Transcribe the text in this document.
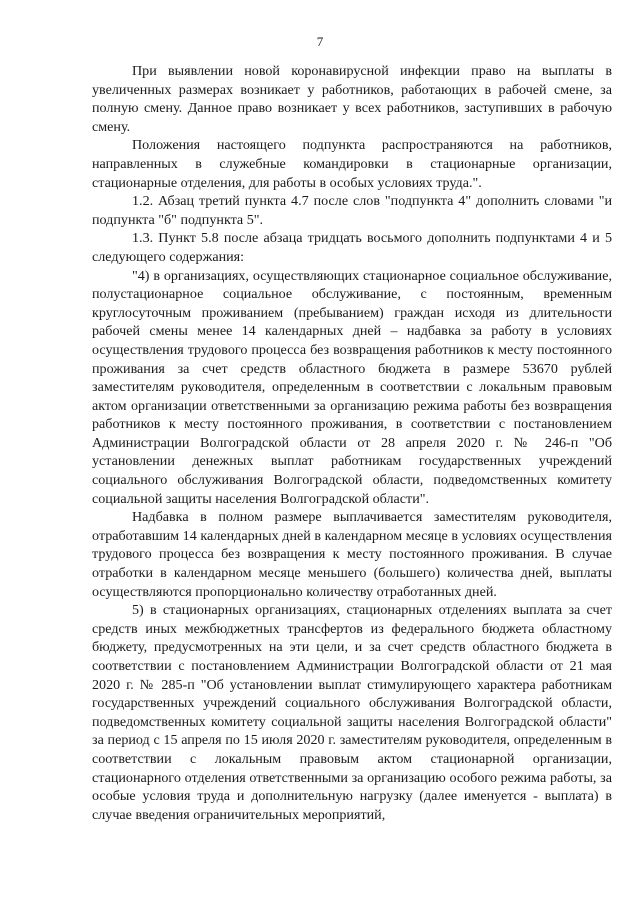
7

При выявлении новой коронавирусной инфекции право на выплаты в увеличенных размерах возникает у работников, работающих в рабочей смене, за полную смену. Данное право возникает у всех работников, заступивших в рабочую смену.

Положения настоящего подпункта распространяются на работников, направленных в служебные командировки в стационарные организации, стационарные отделения, для работы в особых условиях труда.".

1.2. Абзац третий пункта 4.7 после слов "подпункта 4" дополнить словами "и подпункта "б" подпункта 5".

1.3. Пункт 5.8 после абзаца тридцать восьмого дополнить подпунктами 4 и 5 следующего содержания:

"4) в организациях, осуществляющих стационарное социальное обслуживание, полустационарное социальное обслуживание, с постоянным, временным круглосуточным проживанием (пребыванием) граждан исходя из длительности рабочей смены менее 14 календарных дней – надбавка за работу в условиях осуществления трудового процесса без возвращения работников к месту постоянного проживания за счет средств областного бюджета в размере 53670 рублей заместителям руководителя, определенным в соответствии с локальным правовым актом организации ответственными за организацию режима работы без возвращения работников к месту постоянного проживания, в соответствии с постановлением Администрации Волгоградской области от 28 апреля 2020 г. № 246-п "Об установлении денежных выплат работникам государственных учреждений социального обслуживания Волгоградской области, подведомственных комитету социальной защиты населения Волгоградской области".

Надбавка в полном размере выплачивается заместителям руководителя, отработавшим 14 календарных дней в календарном месяце в условиях осуществления трудового процесса без возвращения к месту постоянного проживания. В случае отработки в календарном месяце меньшего (большего) количества дней, выплаты осуществляются пропорционально количеству отработанных дней.

5) в стационарных организациях, стационарных отделениях выплата за счет средств иных межбюджетных трансфертов из федерального бюджета областному бюджету, предусмотренных на эти цели, и за счет средств областного бюджета в соответствии с постановлением Администрации Волгоградской области от 21 мая 2020 г. № 285-п "Об установлении выплат стимулирующего характера работникам государственных учреждений социального обслуживания Волгоградской области, подведомственных комитету социальной защиты населения Волгоградской области" за период с 15 апреля по 15 июля 2020 г. заместителям руководителя, определенным в соответствии с локальным правовым актом стационарной организации, стационарного отделения ответственными за организацию особого режима работы, за особые условия труда и дополнительную нагрузку (далее именуется - выплата) в случае введения ограничительных мероприятий,
